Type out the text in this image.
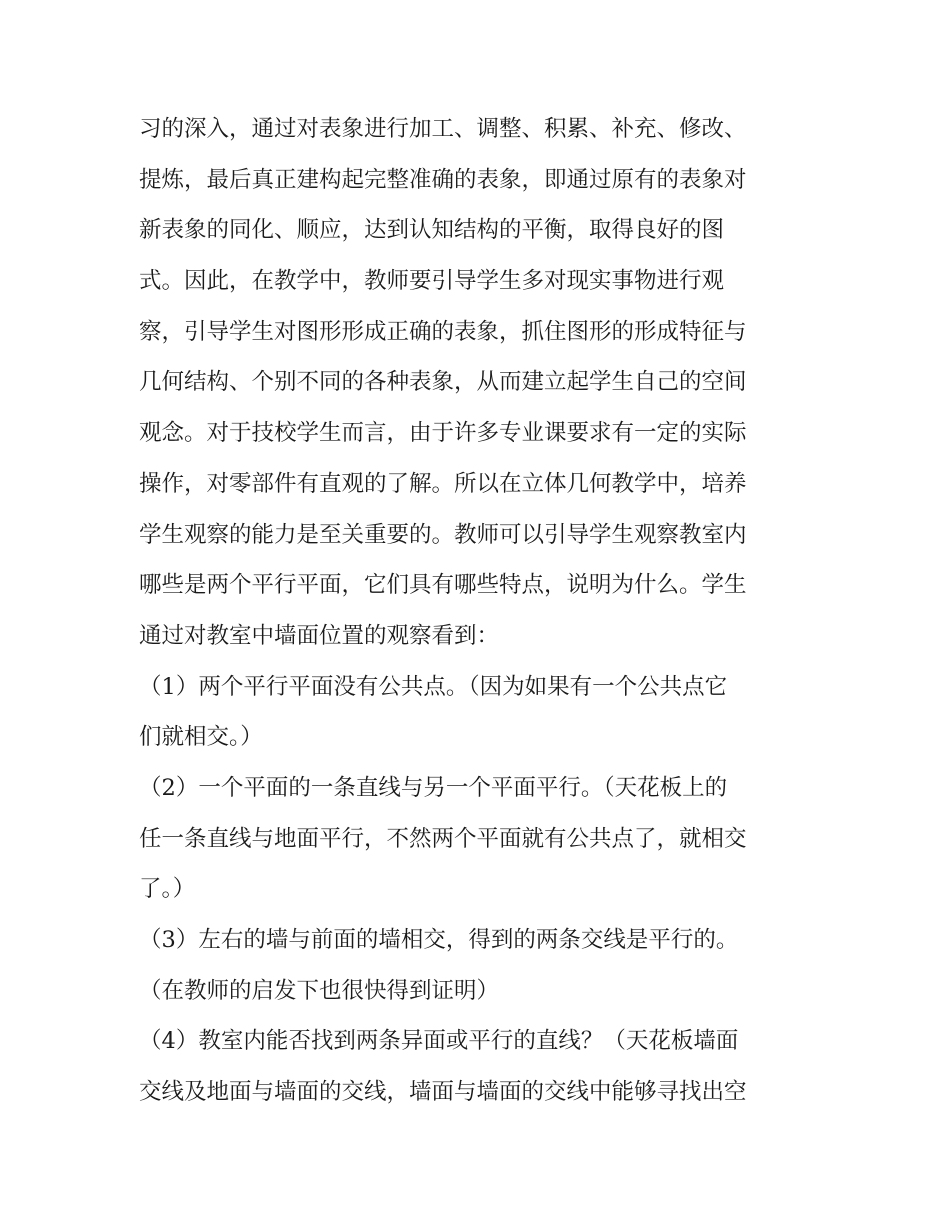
习的深入，通过对表象进行加工、调整、积累、补充、修改、
提炼，最后真正建构起完整准确的表象，即通过原有的表象对
新表象的同化、顺应，达到认知结构的平衡，取得良好的图
式。因此，在教学中，教师要引导学生多对现实事物进行观
察，引导学生对图形形成正确的表象，抓住图形的形成特征与
几何结构、个别不同的各种表象，从而建立起学生自己的空间
观念。对于技校学生而言，由于许多专业课要求有一定的实际
操作，对零部件有直观的了解。所以在立体几何教学中，培养
学生观察的能力是至关重要的。教师可以引导学生观察教室内
哪些是两个平行平面，它们具有哪些特点，说明为什么。学生
通过对教室中墙面位置的观察看到：
（1）两个平行平面没有公共点。（因为如果有一个公共点它
们就相交。）
（2）一个平面的一条直线与另一个平面平行。（天花板上的
任一条直线与地面平行，不然两个平面就有公共点了，就相交
了。）
（3）左右的墙与前面的墙相交，得到的两条交线是平行的。
（在教师的启发下也很快得到证明）
（4）教室内能否找到两条异面或平行的直线？（天花板墙面
交线及地面与墙面的交线，墙面与墙面的交线中能够寻找出空
